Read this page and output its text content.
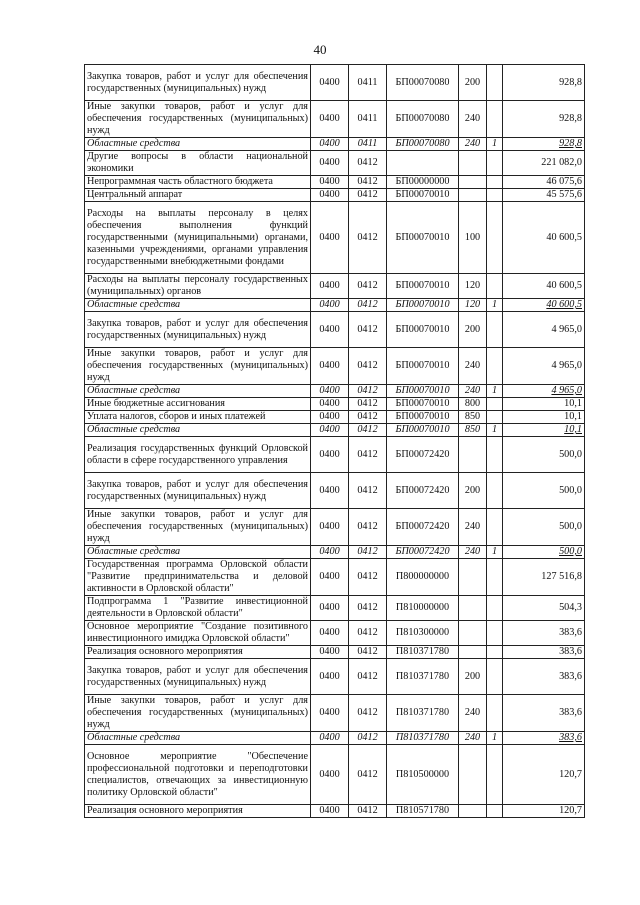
40
Закупка товаров, работ и услуг для обеспечения государственных (муниципальных) нужд	0400	0411	БП00070080	200		928,8
Иные закупки товаров, работ и услуг для обеспечения государственных (муниципальных) нужд	0400	0411	БП00070080	240		928,8
Областные средства	0400	0411	БП00070080	240	1	928,8
Другие вопросы в области национальной экономики	0400	0412				221 082,0
Непрограммная часть областного бюджета	0400	0412	БП00000000			46 075,6
Центральный аппарат	0400	0412	БП00070010			45 575,6
Расходы на выплаты персоналу в целях обеспечения выполнения функций государственными (муниципальными) органами, казенными учреждениями, органами управления государственными внебюджетными фондами	0400	0412	БП00070010	100		40 600,5
Расходы на выплаты персоналу государственных (муниципальных) органов	0400	0412	БП00070010	120		40 600,5
Областные средства	0400	0412	БП00070010	120	1	40 600,5
Закупка товаров, работ и услуг для обеспечения государственных (муниципальных) нужд	0400	0412	БП00070010	200		4 965,0
Иные закупки товаров, работ и услуг для обеспечения государственных (муниципальных) нужд	0400	0412	БП00070010	240		4 965,0
Областные средства	0400	0412	БП00070010	240	1	4 965,0
Иные бюджетные ассигнования	0400	0412	БП00070010	800		10,1
Уплата налогов, сборов и иных платежей	0400	0412	БП00070010	850		10,1
Областные средства	0400	0412	БП00070010	850	1	10,1
Реализация государственных функций Орловской области в сфере государственного управления	0400	0412	БП00072420			500,0
Закупка товаров, работ и услуг для обеспечения государственных (муниципальных) нужд	0400	0412	БП00072420	200		500,0
Иные закупки товаров, работ и услуг для обеспечения государственных (муниципальных) нужд	0400	0412	БП00072420	240		500,0
Областные средства	0400	0412	БП00072420	240	1	500,0
Государственная программа Орловской области "Развитие предпринимательства и деловой активности в Орловской области"	0400	0412	П800000000			127 516,8
Подпрограмма 1 "Развитие инвестиционной деятельности в Орловской области"	0400	0412	П810000000			504,3
Основное мероприятие "Создание позитивного инвестиционного имиджа Орловской области"	0400	0412	П810300000			383,6
Реализация основного мероприятия	0400	0412	П810371780			383,6
Закупка товаров, работ и услуг для обеспечения государственных (муниципальных) нужд	0400	0412	П810371780	200		383,6
Иные закупки товаров, работ и услуг для обеспечения государственных (муниципальных) нужд	0400	0412	П810371780	240		383,6
Областные средства	0400	0412	П810371780	240	1	383,6
Основное мероприятие "Обеспечение профессиональной подготовки и переподготовки специалистов, отвечающих за инвестиционную политику Орловской области"	0400	0412	П810500000			120,7
Реализация основного мероприятия	0400	0412	П810571780			120,7
